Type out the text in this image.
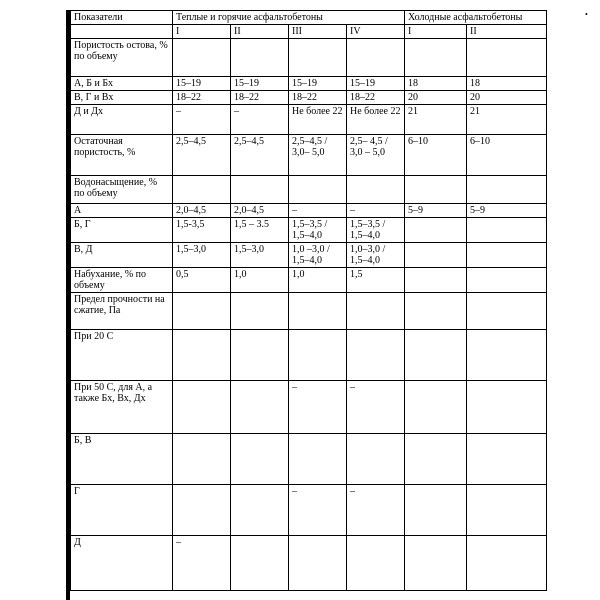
•
Показатели	Теплые и горячие асфальтобетоны				Холодные асфальтобетоны	
	I	II	III	IV	I	II
Пористость остова, % по объему						
А, Б и Бх	15–19	15–19	15–19	15–19	18	18
В, Г и Вх	18–22	18–22	18–22	18–22	20	20
Д и Дх	–	–	Не более 22	Не более 22	21	21
Остаточная пористость, %	2,5–4,5	2,5–4,5	2,5–4,5 / 3,0– 5,0	2,5– 4,5 / 3,0 – 5,0	6–10	6–10
Водонасыщение, % по объему						
А	2,0–4,5	2,0–4,5	–	–	5–9	5–9
Б, Г	1,5-3,5	1,5 – 3.5	1,5–3,5 / 1,5–4,0	1,5–3,5 / 1,5–4,0		
В, Д	1,5–3,0	1,5–3,0	1,0 –3,0 / 1,5–4,0	1,0–3,0 / 1,5–4,0		
Набухание, % по объему	0,5	1,0	1,0	1,5		
Предел прочности на сжатие, Па						
При 20 С						
При 50 С, для А, а также Бх, Вх, Дх			–	–		
Б, В						
Г			–	–		
Д	–					
